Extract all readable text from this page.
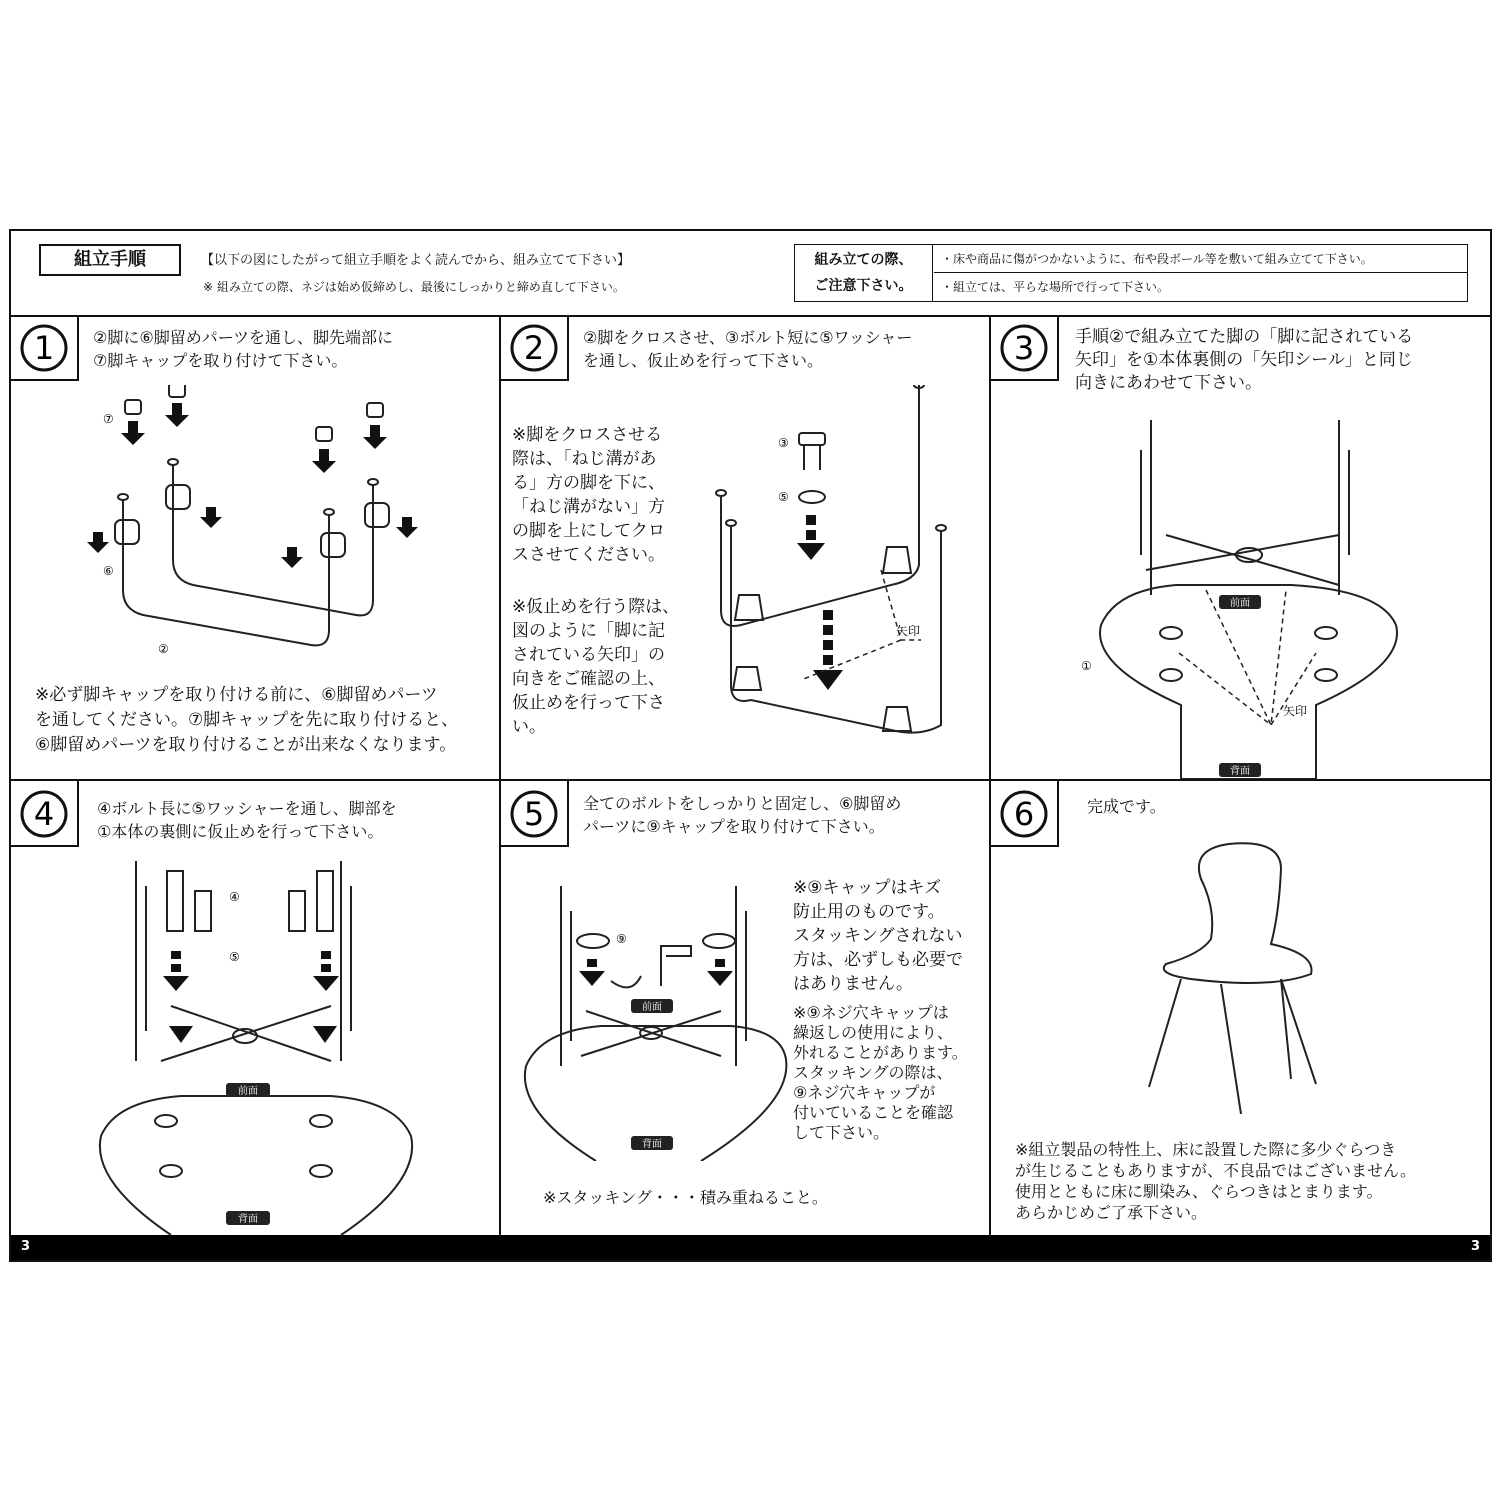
組立手順	【以下の図にしたがって組立手順をよく読んでから、組み立てて下さい】
※ 組み立ての際、ネジは始め仮締めし、最後にしっかりと締め直して下さい。
組み立ての際、
ご注意下さい。
・床や商品に傷がつかないように、布や段ボール等を敷いて組み立てて下さい。
・組立ては、平らな場所で行って下さい。
1 ②脚に⑥脚留めパーツを通し、脚先端部に
⑦脚キャップを取り付けて下さい。
⑦
⑥
②
※必ず脚キャップを取り付ける前に、⑥脚留めパーツ
を通してください。⑦脚キャップを先に取り付けると、
⑥脚留めパーツを取り付けることが出来なくなります。
2 ②脚をクロスさせ、③ボルト短に⑤ワッシャー
を通し、仮止めを行って下さい。
※脚をクロスさせる
際は、「ねじ溝があ
る」方の脚を下に、
「ねじ溝がない」方
の脚を上にしてクロ
スさせてください。
※仮止めを行う際は、
図のように「脚に記
されている矢印」の
向きをご確認の上、
仮止めを行って下さ
い。
③
⑤
矢印
3 手順②で組み立てた脚の「脚に記されている
矢印」を①本体裏側の「矢印シール」と同じ
向きにあわせて下さい。
前面
背面
①
矢印
4	④ボルト長に⑤ワッシャーを通し、脚部を
①本体の裏側に仮止めを行って下さい。
前面
背面
④
⑤
5 全てのボルトをしっかりと固定し、⑥脚留め
パーツに⑨キャップを取り付けて下さい。
※⑨キャップはキズ
防止用のものです。
スタッキングされない
方は、必ずしも必要で
はありません。
※⑨ネジ穴キャップは
繰返しの使用により、
外れることがあります。
スタッキングの際は、
⑨ネジ穴キャップが
付いていることを確認
して下さい。
前面
背面
⑨
※スタッキング・・・積み重ねること。
6	完成です。
※組立製品の特性上、床に設置した際に多少ぐらつき
が生じることもありますが、不良品ではございません。
使用とともに床に馴染み、ぐらつきはとまります。
あらかじめご了承下さい。
3	3
